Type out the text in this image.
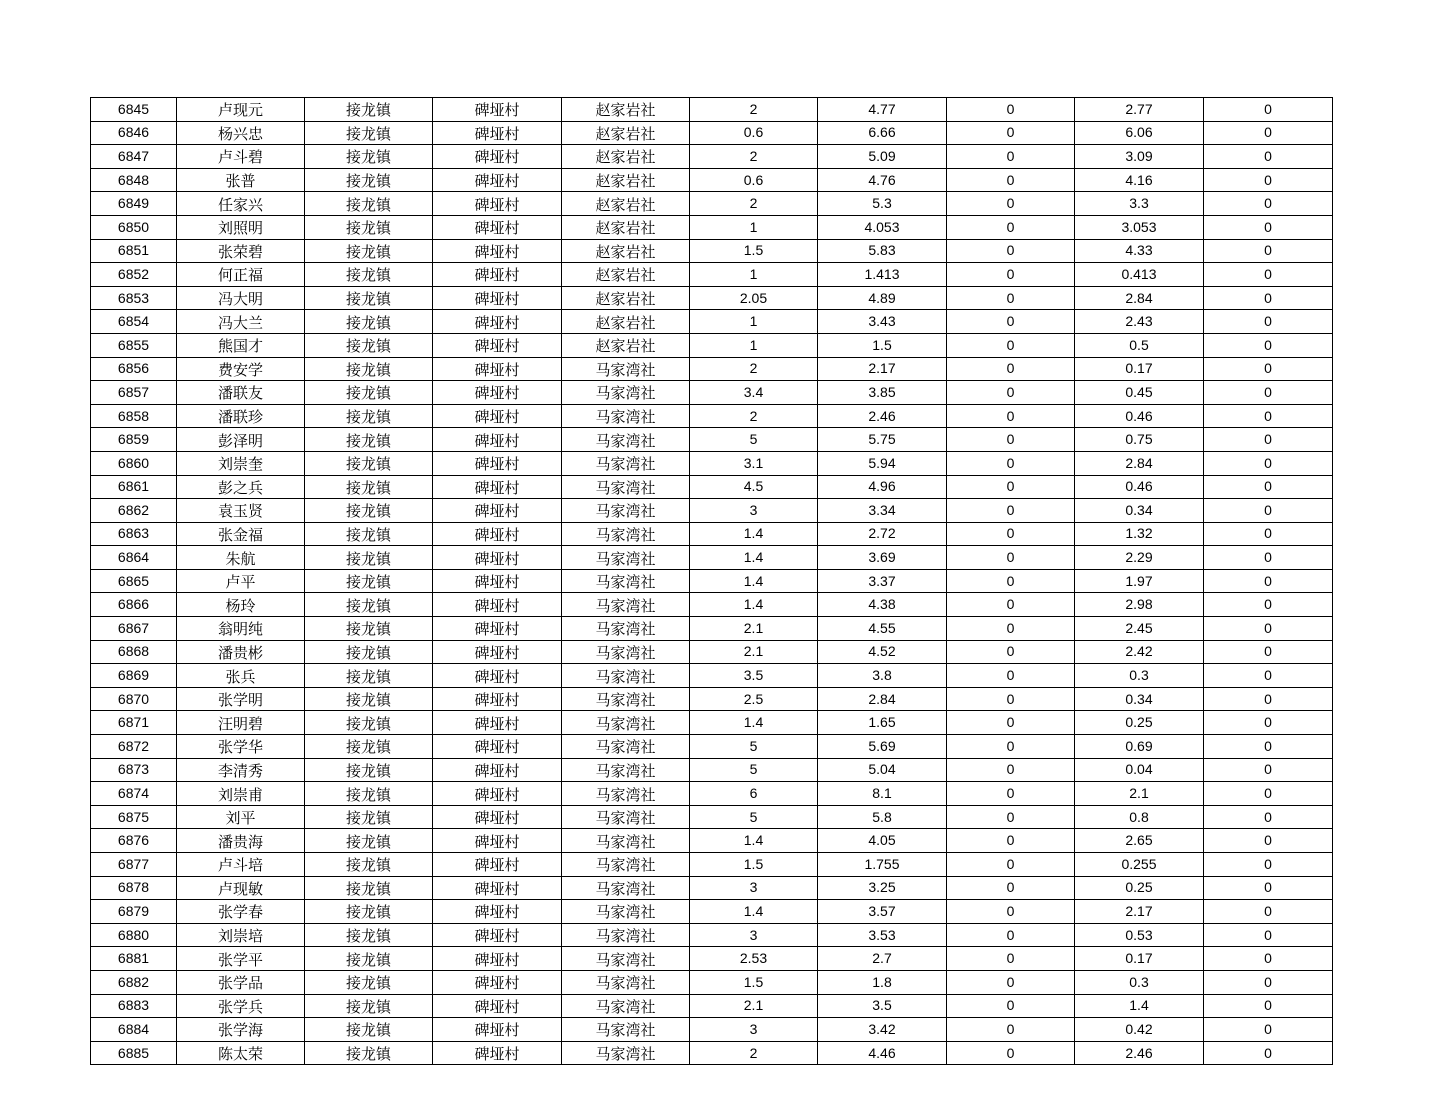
6845	卢现元	接龙镇	碑垭村	赵家岩社	2	4.77	0	2.77	0
6846	杨兴忠	接龙镇	碑垭村	赵家岩社	0.6	6.66	0	6.06	0
6847	卢斗碧	接龙镇	碑垭村	赵家岩社	2	5.09	0	3.09	0
6848	张普	接龙镇	碑垭村	赵家岩社	0.6	4.76	0	4.16	0
6849	任家兴	接龙镇	碑垭村	赵家岩社	2	5.3	0	3.3	0
6850	刘照明	接龙镇	碑垭村	赵家岩社	1	4.053	0	3.053	0
6851	张荣碧	接龙镇	碑垭村	赵家岩社	1.5	5.83	0	4.33	0
6852	何正福	接龙镇	碑垭村	赵家岩社	1	1.413	0	0.413	0
6853	冯大明	接龙镇	碑垭村	赵家岩社	2.05	4.89	0	2.84	0
6854	冯大兰	接龙镇	碑垭村	赵家岩社	1	3.43	0	2.43	0
6855	熊国才	接龙镇	碑垭村	赵家岩社	1	1.5	0	0.5	0
6856	费安学	接龙镇	碑垭村	马家湾社	2	2.17	0	0.17	0
6857	潘联友	接龙镇	碑垭村	马家湾社	3.4	3.85	0	0.45	0
6858	潘联珍	接龙镇	碑垭村	马家湾社	2	2.46	0	0.46	0
6859	彭泽明	接龙镇	碑垭村	马家湾社	5	5.75	0	0.75	0
6860	刘崇奎	接龙镇	碑垭村	马家湾社	3.1	5.94	0	2.84	0
6861	彭之兵	接龙镇	碑垭村	马家湾社	4.5	4.96	0	0.46	0
6862	袁玉贤	接龙镇	碑垭村	马家湾社	3	3.34	0	0.34	0
6863	张金福	接龙镇	碑垭村	马家湾社	1.4	2.72	0	1.32	0
6864	朱航	接龙镇	碑垭村	马家湾社	1.4	3.69	0	2.29	0
6865	卢平	接龙镇	碑垭村	马家湾社	1.4	3.37	0	1.97	0
6866	杨玲	接龙镇	碑垭村	马家湾社	1.4	4.38	0	2.98	0
6867	翁明纯	接龙镇	碑垭村	马家湾社	2.1	4.55	0	2.45	0
6868	潘贵彬	接龙镇	碑垭村	马家湾社	2.1	4.52	0	2.42	0
6869	张兵	接龙镇	碑垭村	马家湾社	3.5	3.8	0	0.3	0
6870	张学明	接龙镇	碑垭村	马家湾社	2.5	2.84	0	0.34	0
6871	汪明碧	接龙镇	碑垭村	马家湾社	1.4	1.65	0	0.25	0
6872	张学华	接龙镇	碑垭村	马家湾社	5	5.69	0	0.69	0
6873	李清秀	接龙镇	碑垭村	马家湾社	5	5.04	0	0.04	0
6874	刘崇甫	接龙镇	碑垭村	马家湾社	6	8.1	0	2.1	0
6875	刘平	接龙镇	碑垭村	马家湾社	5	5.8	0	0.8	0
6876	潘贵海	接龙镇	碑垭村	马家湾社	1.4	4.05	0	2.65	0
6877	卢斗培	接龙镇	碑垭村	马家湾社	1.5	1.755	0	0.255	0
6878	卢现敏	接龙镇	碑垭村	马家湾社	3	3.25	0	0.25	0
6879	张学春	接龙镇	碑垭村	马家湾社	1.4	3.57	0	2.17	0
6880	刘崇培	接龙镇	碑垭村	马家湾社	3	3.53	0	0.53	0
6881	张学平	接龙镇	碑垭村	马家湾社	2.53	2.7	0	0.17	0
6882	张学品	接龙镇	碑垭村	马家湾社	1.5	1.8	0	0.3	0
6883	张学兵	接龙镇	碑垭村	马家湾社	2.1	3.5	0	1.4	0
6884	张学海	接龙镇	碑垭村	马家湾社	3	3.42	0	0.42	0
6885	陈太荣	接龙镇	碑垭村	马家湾社	2	4.46	0	2.46	0
